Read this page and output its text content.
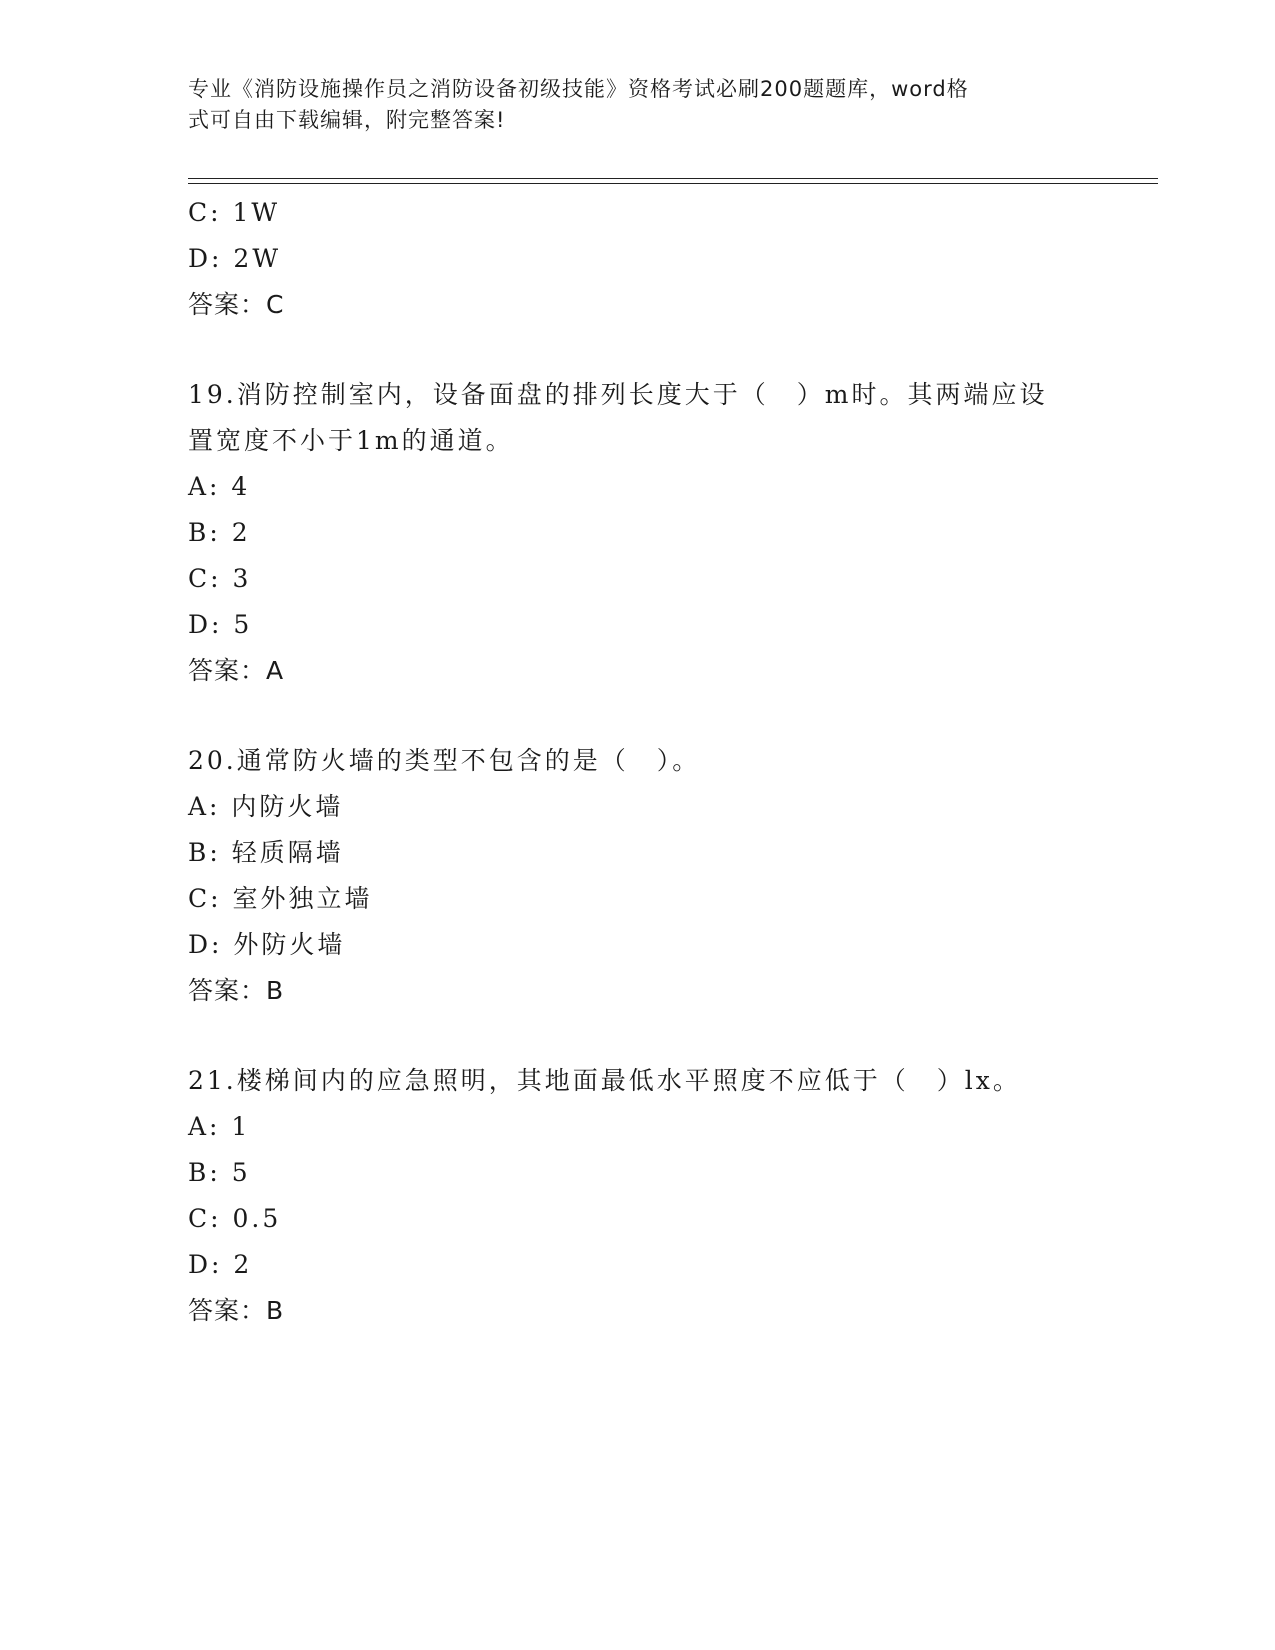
专业《消防设施操作员之消防设备初级技能》资格考试必刷200题题库，word格
式可自由下载编辑，附完整答案!
C: 1W
D: 2W
答案：C
19.消防控制室内，设备面盘的排列长度大于（　）m时。其两端应设
置宽度不小于1m的通道。
A: 4
B: 2
C: 3
D: 5
答案：A
20.通常防火墙的类型不包含的是（　）。
A: 内防火墙
B: 轻质隔墙
C: 室外独立墙
D: 外防火墙
答案：B
21.楼梯间内的应急照明，其地面最低水平照度不应低于（　）lx。
A: 1
B: 5
C: 0.5
D: 2
答案：B
